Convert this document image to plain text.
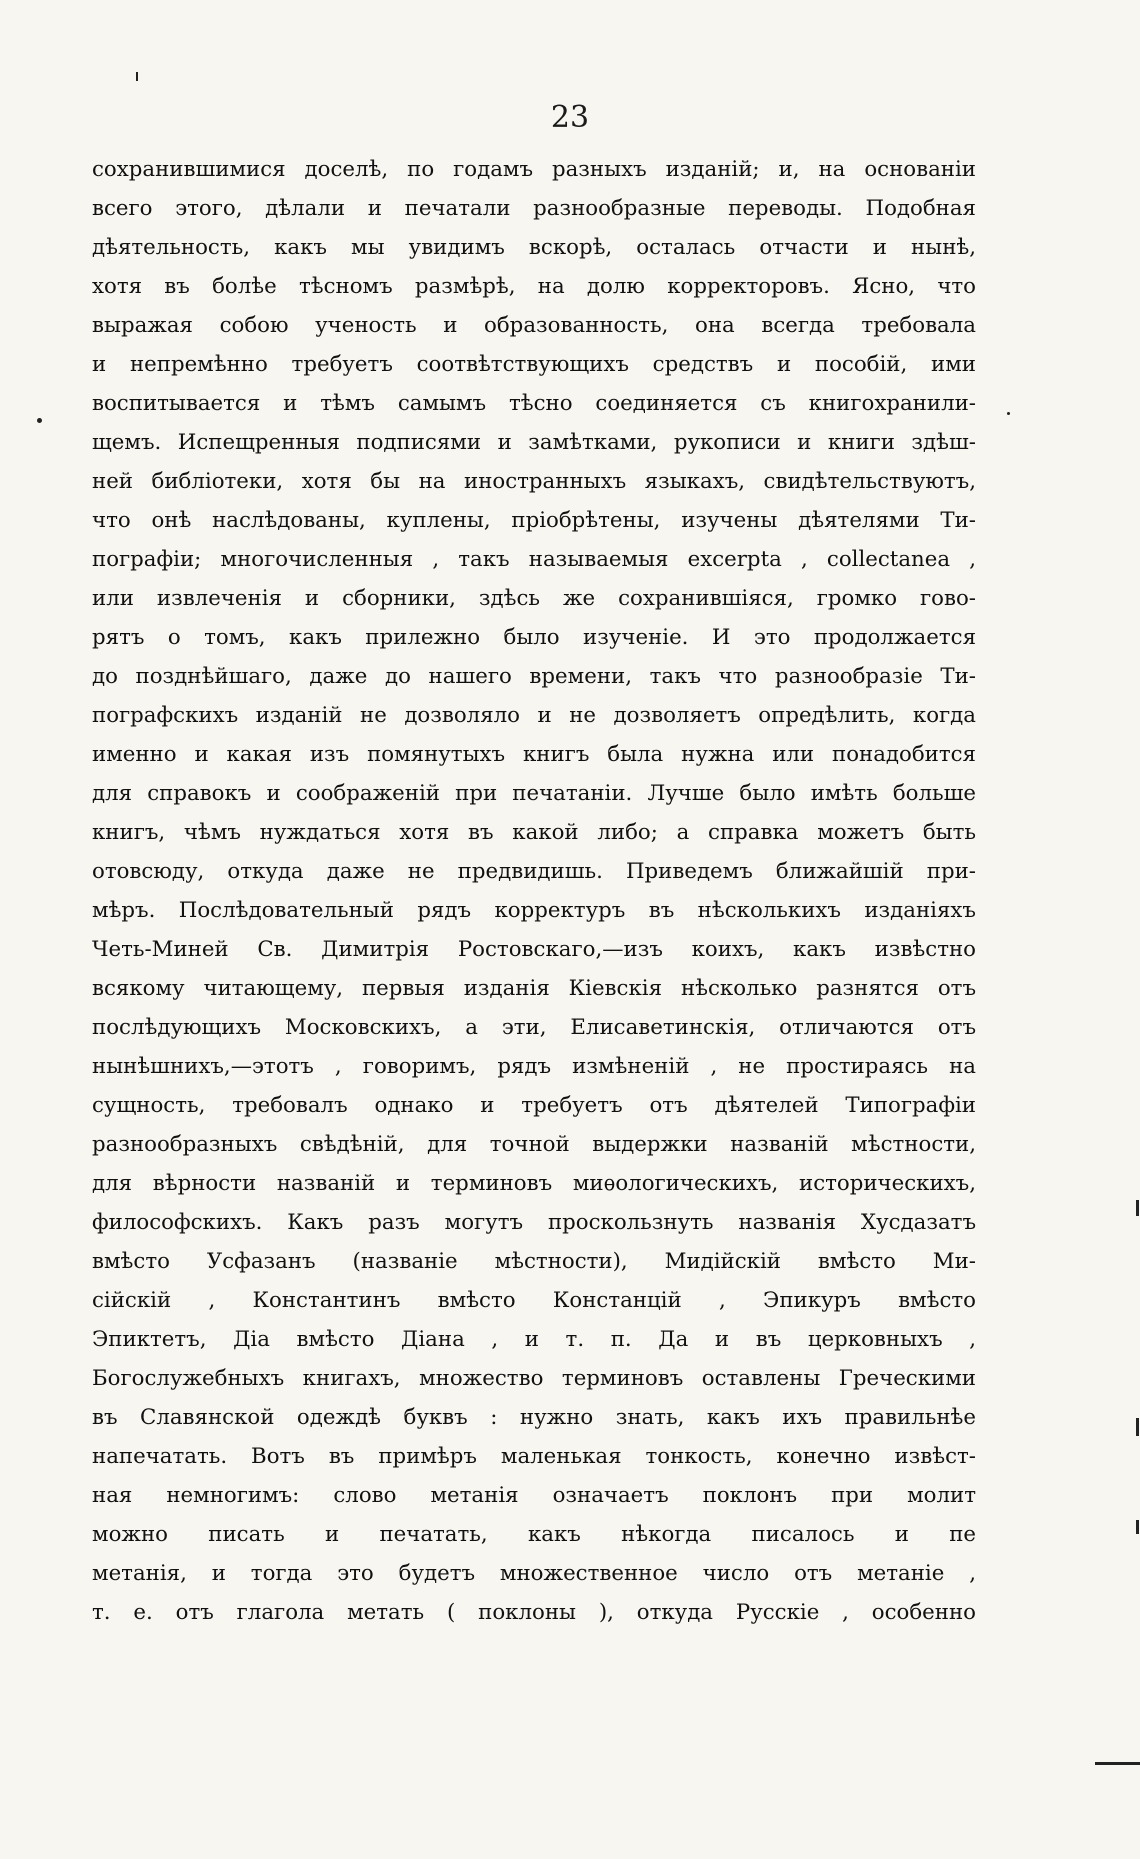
23
сохранившимися доселѣ, по годамъ разныхъ изданій; и, на основаніи
всего этого, дѣлали и печатали разнообразные переводы. Подобная
дѣятельность, какъ мы увидимъ вскорѣ, осталась отчасти и нынѣ,
хотя въ болѣе тѣсномъ размѣрѣ, на долю корректоровъ. Ясно, что
выражая собою ученость и образованность, она всегда требовала
и непремѣнно требуетъ соотвѣтствующихъ средствъ и пособій, ими
воспитывается и тѣмъ самымъ тѣсно соединяется съ книгохранили-
щемъ. Испещренныя подписями и замѣтками, рукописи и книги здѣш-
ней библіотеки, хотя бы на иностранныхъ языкахъ, свидѣтельствуютъ,
что онѣ наслѣдованы, куплены, пріобрѣтены, изучены дѣятелями Ти-
пографіи; многочисленныя , такъ называемыя excerpta , collectanea ,
или извлеченія и сборники, здѣсь же сохранившіяся, громко гово-
рятъ о томъ, какъ прилежно было изученіе. И это продолжается
до позднѣйшаго, даже до нашего времени, такъ что разнообразіе Ти-
пографскихъ изданій не дозволяло и не дозволяетъ опредѣлить, когда
именно и какая изъ помянутыхъ книгъ была нужна или понадобится
для справокъ и соображеній при печатаніи. Лучше было имѣть больше
книгъ, чѣмъ нуждаться хотя въ какой либо; а справка можетъ быть
отовсюду, откуда даже не предвидишь. Приведемъ ближайшій при-
мѣръ. Послѣдовательный рядъ корректуръ въ нѣсколькихъ изданіяхъ
Четь-Миней Св. Димитрія Ростовскаго,—изъ коихъ, какъ извѣстно
всякому читающему, первыя изданія Кіевскія нѣсколько разнятся отъ
послѣдующихъ Московскихъ, а эти, Елисаветинскія, отличаются отъ
нынѣшнихъ,—этотъ , говоримъ, рядъ измѣненій , не простираясь на
сущность, требовалъ однако и требуетъ отъ дѣятелей Типографіи
разнообразныхъ свѣдѣній, для точной выдержки названій мѣстности,
для вѣрности названій и терминовъ миѳологическихъ, историческихъ,
философскихъ. Какъ разъ могутъ проскользнуть названія Хусдазатъ
вмѣсто Усфазанъ (названіе мѣстности), Мидійскій вмѣсто Ми-
сійскій , Константинъ вмѣсто Констанцій , Эпикуръ вмѣсто
Эпиктетъ, Діа вмѣсто Діана , и т. п. Да и въ церковныхъ ,
Богослужебныхъ книгахъ, множество терминовъ оставлены Греческими
въ Славянской одеждѣ буквъ : нужно знать, какъ ихъ правильнѣе
напечатать. Вотъ въ примѣръ маленькая тонкость, конечно извѣст-
ная немногимъ: слово метанія означаетъ поклонъ при молит
можно писать и печатать, какъ нѣкогда писалось и пе
метанія, и тогда это будетъ множественное число отъ метаніе ,
т. е. отъ глагола метать ( поклоны ), откуда Русскіе , особенно
